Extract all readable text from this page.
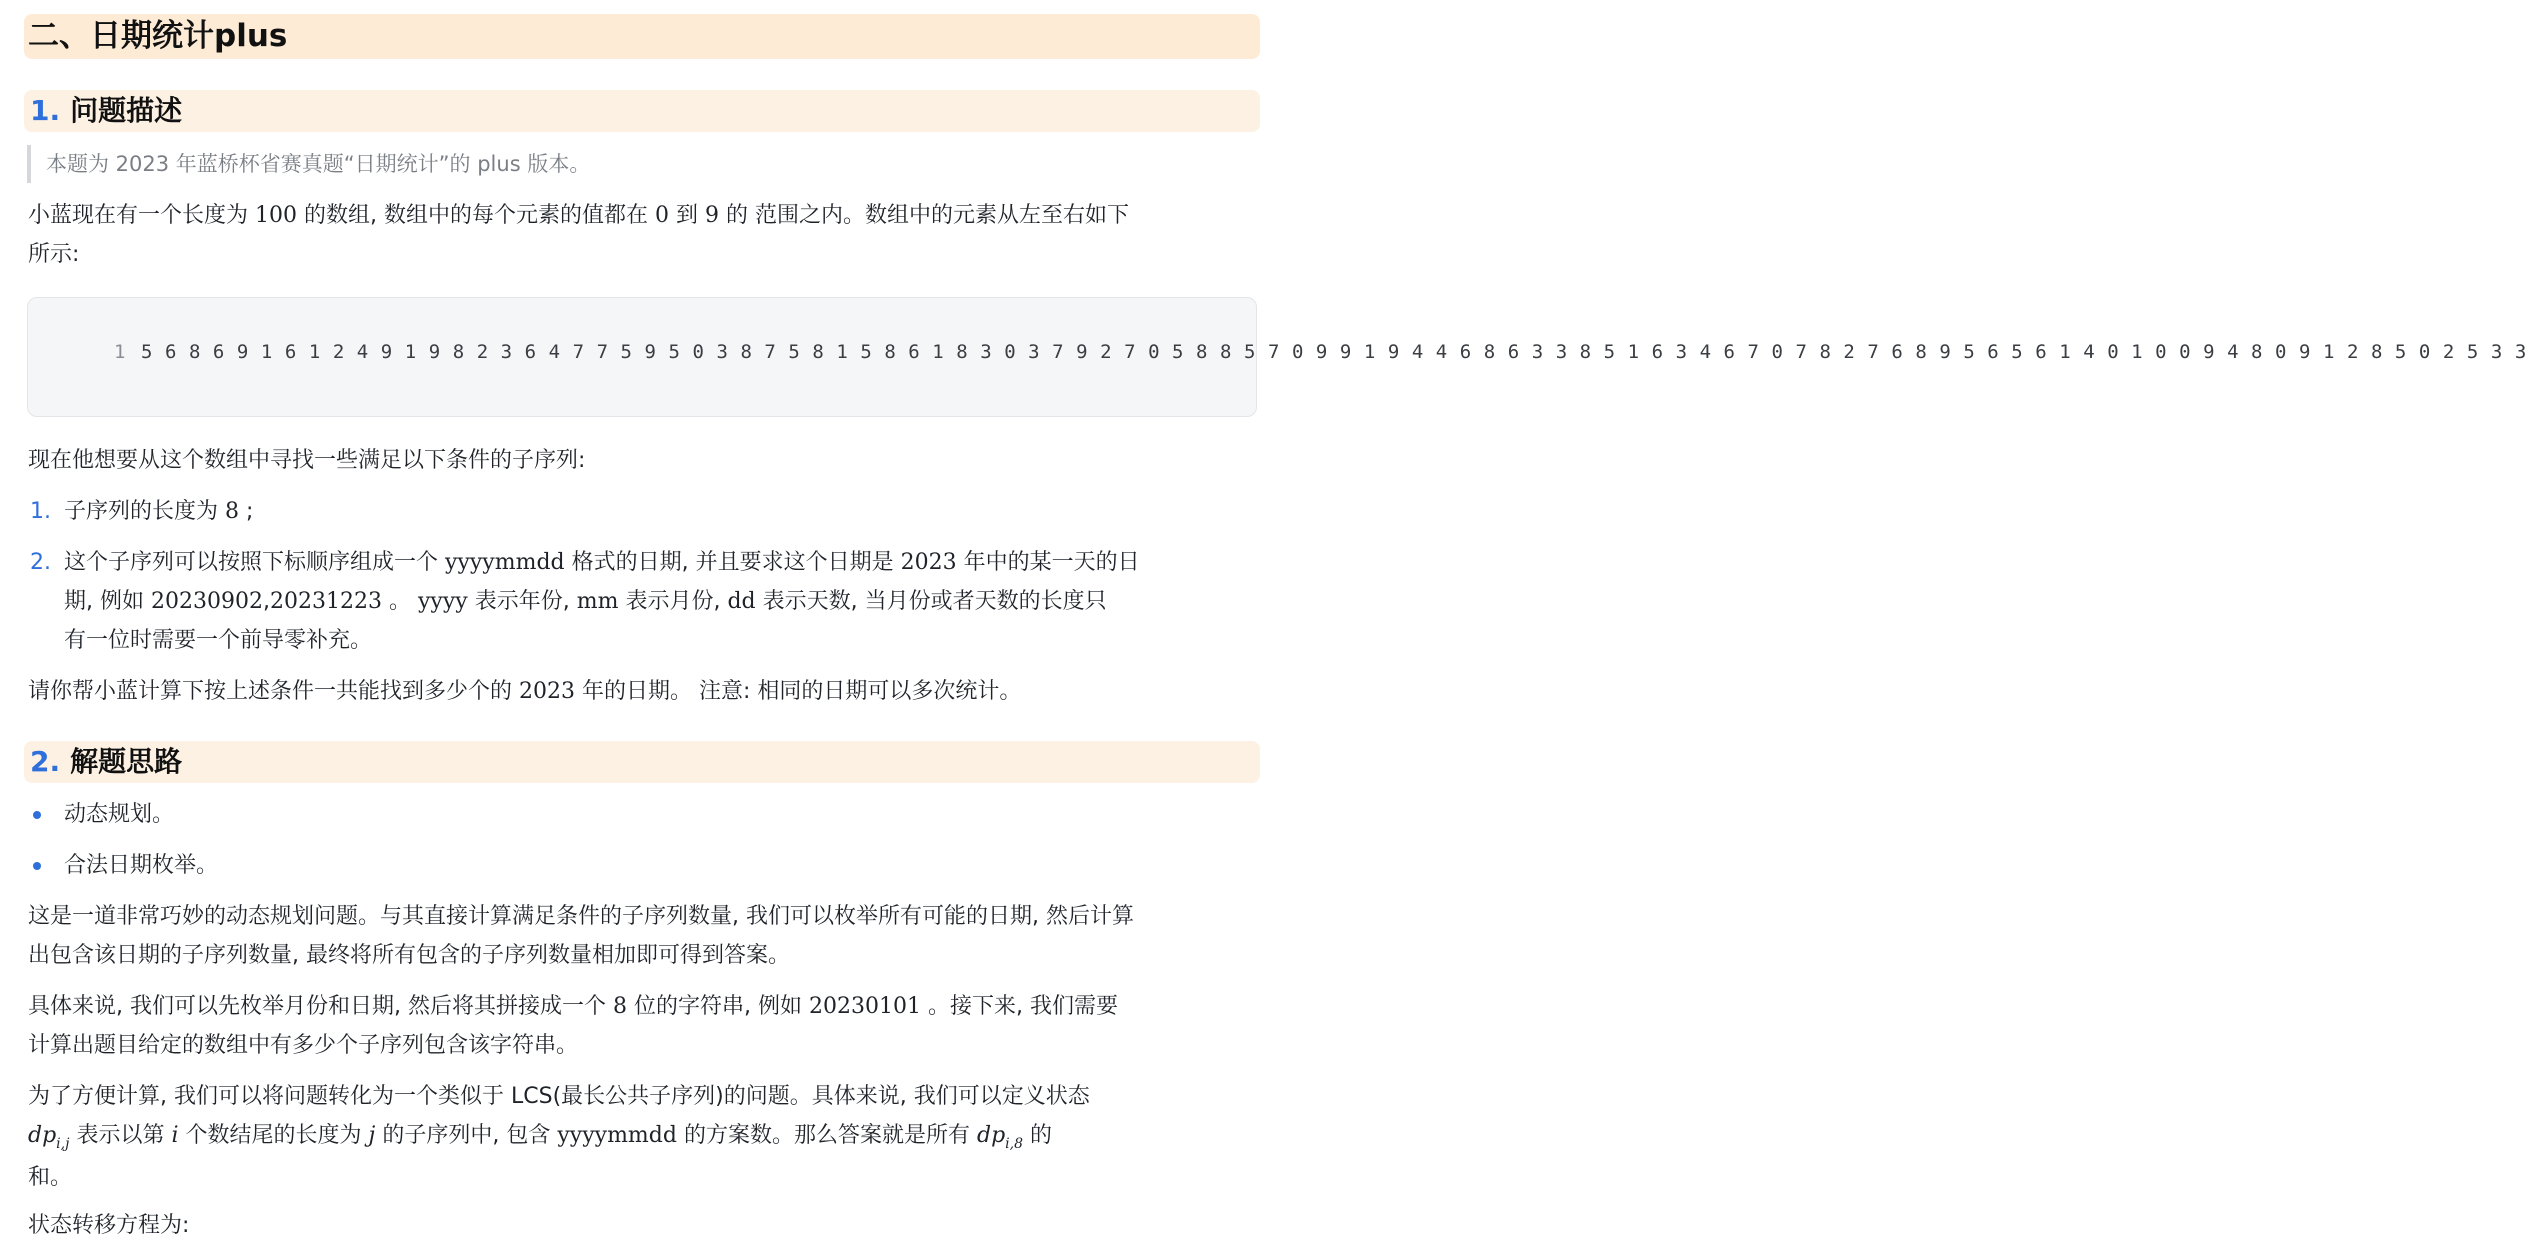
二、日期统计plus
1. 问题描述
本题为 2023 年蓝桥杯省赛真题“日期统计”的 plus 版本。
小蓝现在有一个长度为 100 的数组, 数组中的每个元素的值都在 0 到 9 的 范围之内。数组中的元素从左至右如下
所示:
1 5 6 8 6 9 1 6 1 2 4 9 1 9 8 2 3 6 4 7 7 5 9 5 0 3 8 7 5 8 1 5 8 6 1 8 3 0 3 7 9 2 7 0 5 8 8 5 7 0 9 9 1 9 4 4 6 8 6 3 3 8 5 1 6 3 4 6 7 0 7 8 2 7 6 8 9 5 6 5 6 1 4 0 1 0 0 9 4 8 0 9 1 2 8 5 0 2 5 3 3
现在他想要从这个数组中寻找一些满足以下条件的子序列:
1. 子序列的长度为 8 ;
2. 这个子序列可以按照下标顺序组成一个 yyyymmdd 格式的日期, 并且要求这个日期是 2023 年中的某一天的日
期, 例如 20230902,20231223 。 yyyy 表示年份, mm 表示月份, dd 表示天数, 当月份或者天数的长度只
有一位时需要一个前导零补充。
请你帮小蓝计算下按上述条件一共能找到多少个的 2023 年的日期。 注意: 相同的日期可以多次统计。
2. 解题思路
动态规划。
合法日期枚举。
这是一道非常巧妙的动态规划问题。与其直接计算满足条件的子序列数量, 我们可以枚举所有可能的日期, 然后计算
出包含该日期的子序列数量, 最终将所有包含的子序列数量相加即可得到答案。
具体来说, 我们可以先枚举月份和日期, 然后将其拼接成一个 8 位的字符串, 例如 20230101 。接下来, 我们需要
计算出题目给定的数组中有多少个子序列包含该字符串。
为了方便计算, 我们可以将问题转化为一个类似于 LCS(最长公共子序列)的问题。具体来说, 我们可以定义状态
$dp_{i,j}$ 表示以第 i 个数结尾的长度为 j 的子序列中, 包含 yyyymmdd 的方案数。那么答案就是所有 $dp_{i,8}$ 的
和。
状态转移方程为:
